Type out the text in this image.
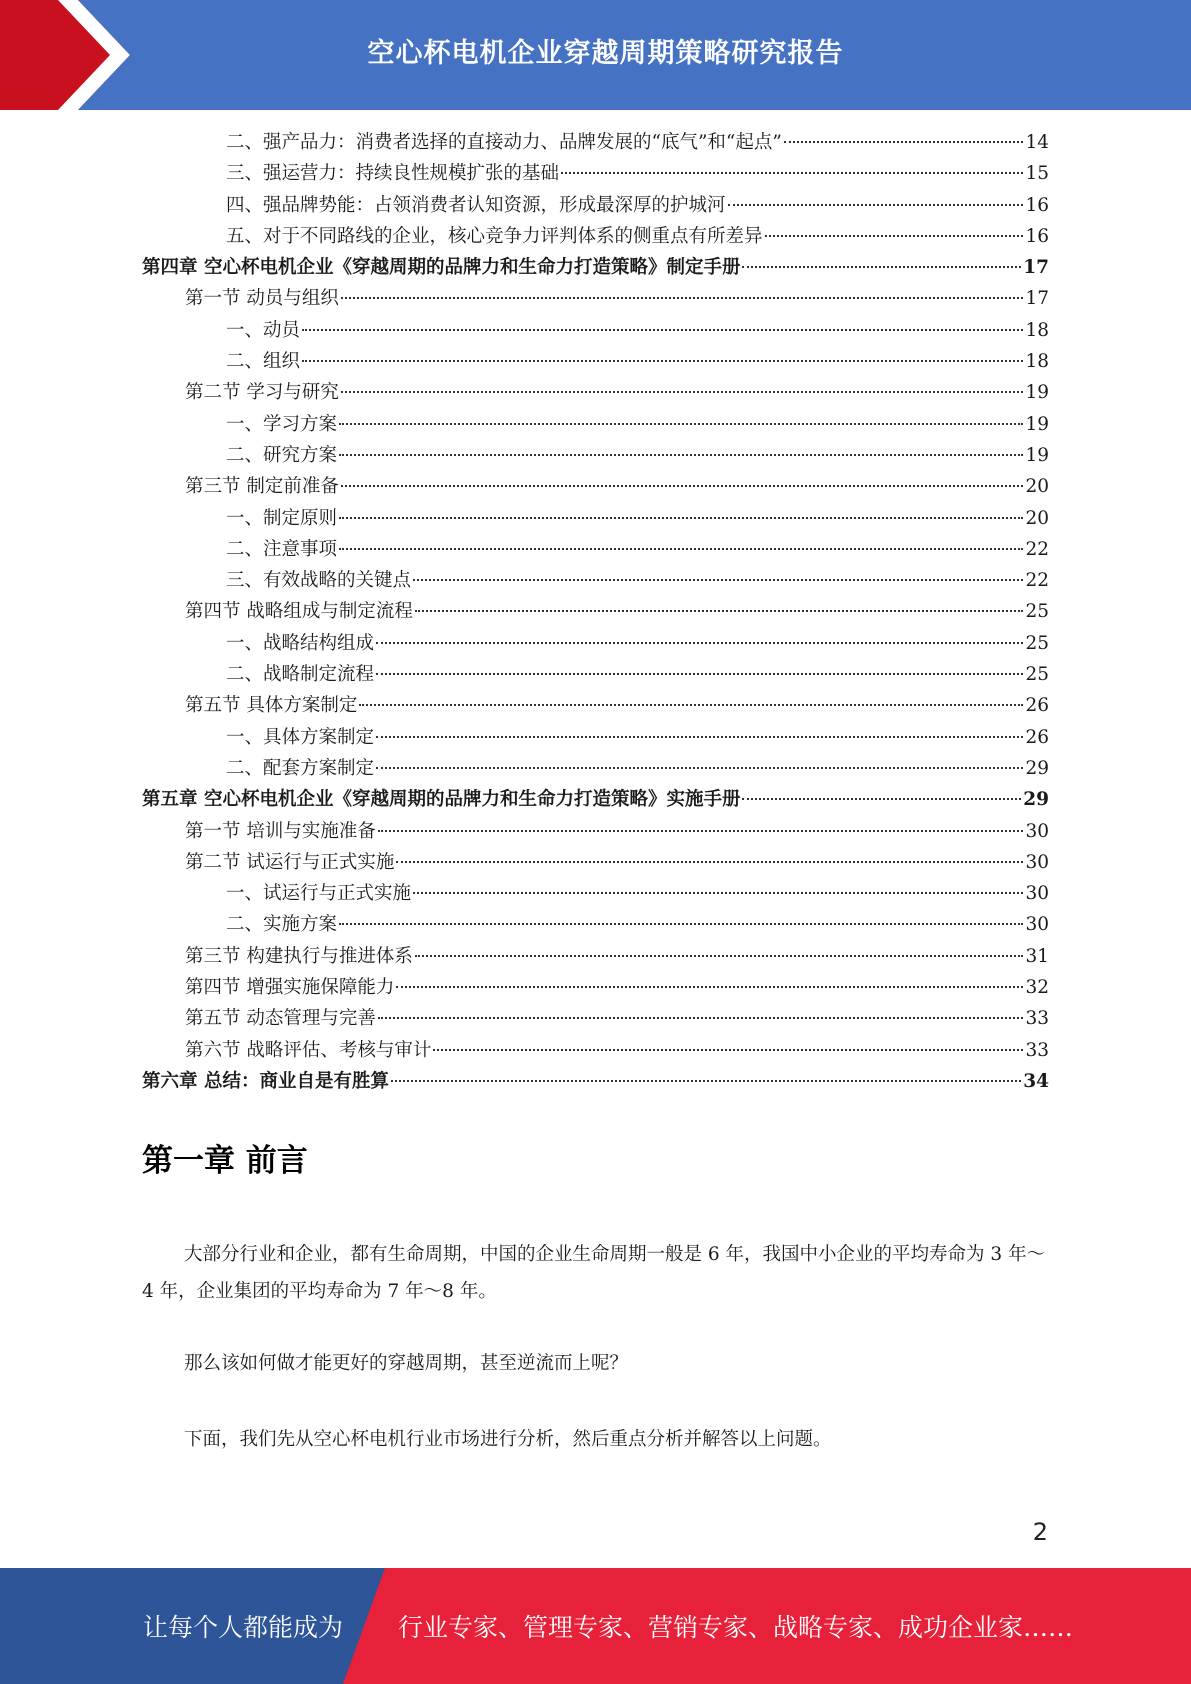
空心杯电机企业穿越周期策略研究报告
二、强产品力：消费者选择的直接动力、品牌发展的“底气”和“起点”	14
三、强运营力：持续良性规模扩张的基础	15
四、强品牌势能：占领消费者认知资源，形成最深厚的护城河	16
五、对于不同路线的企业，核心竞争力评判体系的侧重点有所差异	16
第四章 空心杯电机企业《穿越周期的品牌力和生命力打造策略》制定手册	17
第一节 动员与组织	17
一、动员	18
二、组织	18
第二节 学习与研究	19
一、学习方案	19
二、研究方案	19
第三节 制定前准备	20
一、制定原则	20
二、注意事项	22
三、有效战略的关键点	22
第四节 战略组成与制定流程	25
一、战略结构组成	25
二、战略制定流程	25
第五节 具体方案制定	26
一、具体方案制定	26
二、配套方案制定	29
第五章 空心杯电机企业《穿越周期的品牌力和生命力打造策略》实施手册	29
第一节 培训与实施准备	30
第二节 试运行与正式实施	30
一、试运行与正式实施	30
二、实施方案	30
第三节 构建执行与推进体系	31
第四节 增强实施保障能力	32
第五节 动态管理与完善	33
第六节 战略评估、考核与审计	33
第六章 总结：商业自是有胜算	34
第一章 前言

大部分行业和企业，都有生命周期，中国的企业生命周期一般是 6 年，我国中小企业的平均寿命为 3 年～4 年，企业集团的平均寿命为 7 年～8 年。

那么该如何做才能更好的穿越周期，甚至逆流而上呢？

下面，我们先从空心杯电机行业市场进行分析，然后重点分析并解答以上问题。

2
让每个人都能成为 行业专家、管理专家、营销专家、战略专家、成功企业家……
